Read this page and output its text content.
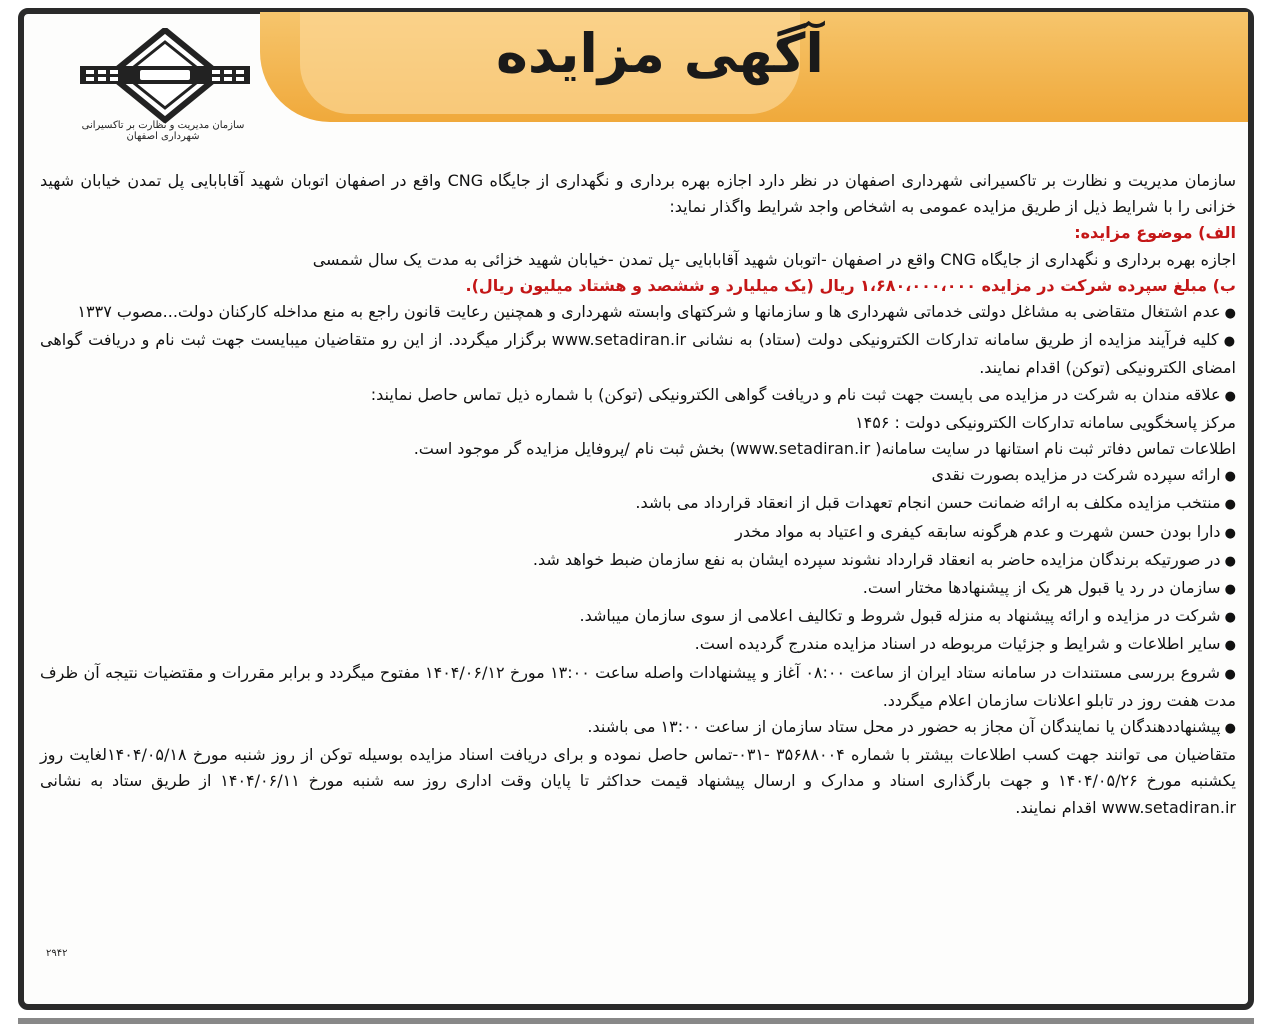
آگهی مزایده
سازمان مدیریت و نظارت بر تاکسیرانی شهرداری اصفهان

سازمان مدیریت و نظارت بر تاکسیرانی شهرداری اصفهان در نظر دارد اجازه بهره برداری و نگهداری از جایگاه CNG واقع در اصفهان اتوبان شهید آقابابایی پل تمدن خیابان شهید خزانی را با شرایط ذیل از طریق مزایده عمومی به اشخاص واجد شرایط واگذار نماید:

الف) موضوع مزایده:

اجازه بهره برداری و نگهداری از جایگاه CNG واقع در اصفهان -اتوبان شهید آقابابایی -پل تمدن -خیابان شهید خزائی به مدت یک سال شمسی

ب) مبلغ سپرده شرکت در مزایده ۱،۶۸۰،۰۰۰،۰۰۰ ریال (یک میلیارد و ششصد و هشتاد میلیون ریال).

● عدم اشتغال متقاضی به مشاغل دولتی خدماتی شهرداری ها و سازمانها و شرکتهای وابسته شهرداری و همچنین رعایت قانون راجع به منع مداخله کارکنان دولت...مصوب ۱۳۳۷

● کلیه فرآیند مزایده از طریق سامانه تدارکات الکترونیکی دولت (ستاد) به نشانی www.setadiran.ir برگزار میگردد. از این رو متقاضیان میبایست جهت ثبت نام و دریافت گواهی امضای الکترونیکی (توکن) اقدام نمایند.

● علاقه مندان به شرکت در مزایده می بایست جهت ثبت نام و دریافت گواهی الکترونیکی (توکن) با شماره ذیل تماس حاصل نمایند:

مرکز پاسخگویی سامانه تدارکات الکترونیکی دولت : ۱۴۵۶

اطلاعات تماس دفاتر ثبت نام استانها در سایت سامانه( www.setadiran.ir) بخش ثبت نام /پروفایل مزایده گر موجود است.

● ارائه سپرده شرکت در مزایده بصورت نقدی

● منتخب مزایده مکلف به ارائه ضمانت حسن انجام تعهدات قبل از انعقاد قرارداد می باشد.

● دارا بودن حسن شهرت و عدم هرگونه سابقه کیفری و اعتیاد به مواد مخدر

● در صورتیکه برندگان مزایده حاضر به انعقاد قرارداد نشوند سپرده ایشان به نفع سازمان ضبط خواهد شد.

● سازمان در رد یا قبول هر یک از پیشنهادها مختار است.

● شرکت در مزایده و ارائه پیشنهاد به منزله قبول شروط و تکالیف اعلامی از سوی سازمان میباشد.

● سایر اطلاعات و شرایط و جزئیات مربوطه در اسناد مزایده مندرج گردیده است.

● شروع بررسی مستندات در سامانه ستاد ایران از ساعت ۰۸:۰۰ آغاز و پیشنهادات واصله ساعت ۱۳:۰۰ مورخ ۱۴۰۴/۰۶/۱۲ مفتوح میگردد و برابر مقررات و مقتضیات نتیجه آن ظرف مدت هفت روز در تابلو اعلانات سازمان اعلام میگردد.

● پیشنهاددهندگان یا نمایندگان آن مجاز به حضور در محل ستاد سازمان از ساعت ۱۳:۰۰ می باشند.

متقاضیان می توانند جهت کسب اطلاعات بیشتر با شماره ۳۵۶۸۸۰۰۴ -۰۳۱-تماس حاصل نموده و برای دریافت اسناد مزایده بوسیله توکن از روز شنبه مورخ ۱۴۰۴/۰۵/۱۸لغایت روز یکشنبه مورخ ۱۴۰۴/۰۵/۲۶ و جهت بارگذاری اسناد و مدارک و ارسال پیشنهاد قیمت حداکثر تا پایان وقت اداری روز سه شنبه مورخ ۱۴۰۴/۰۶/۱۱ از طریق ستاد به نشانی www.setadiran.ir اقدام نمایند.

۲۹۴۲
